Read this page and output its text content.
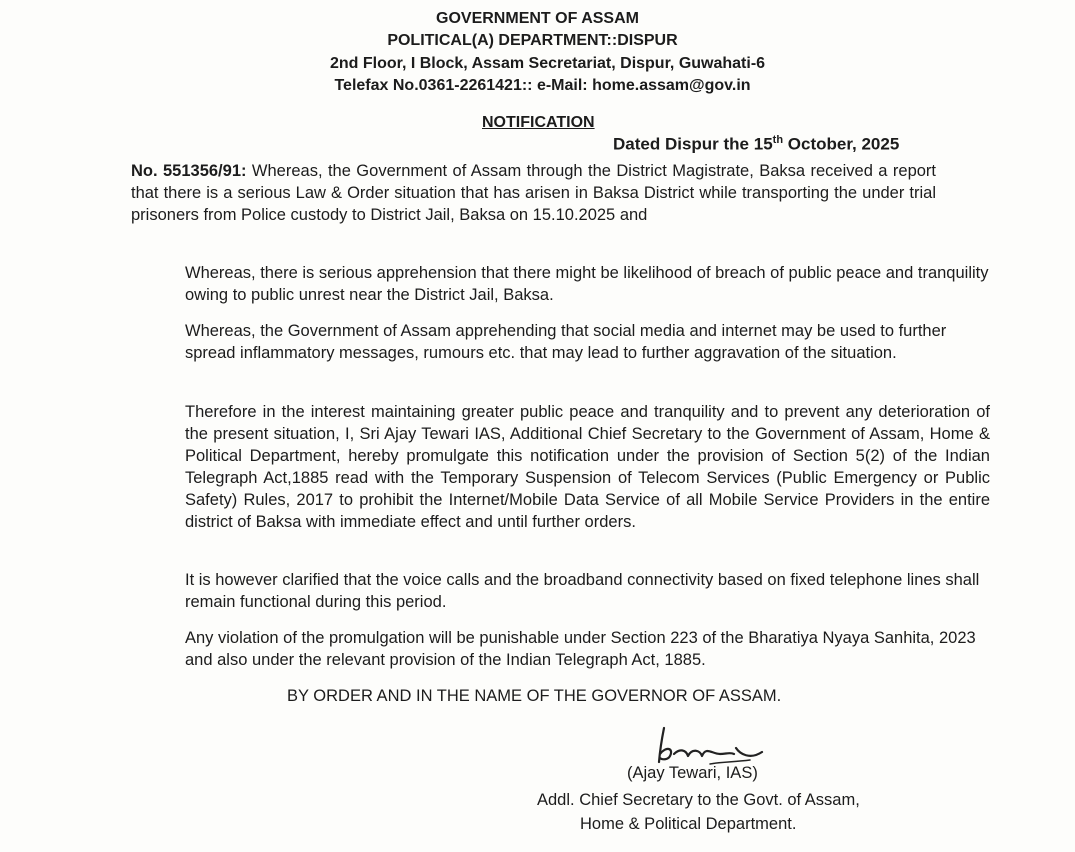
GOVERNMENT OF ASSAM
POLITICAL(A) DEPARTMENT::DISPUR
2nd Floor, I Block, Assam Secretariat, Dispur, Guwahati-6
Telefax No.0361-2261421:: e-Mail: home.assam@gov.in
NOTIFICATION
Dated Dispur the 15th October, 2025
No. 551356/91: Whereas, the Government of Assam through the District Magistrate, Baksa received a report that there is a serious Law & Order situation that has arisen in Baksa District while transporting the under trial prisoners from Police custody to District Jail, Baksa on 15.10.2025 and
Whereas, there is serious apprehension that there might be likelihood of breach of public peace and tranquility owing to public unrest near the District Jail, Baksa.
Whereas, the Government of Assam apprehending that social media and internet may be used to further spread inflammatory messages, rumours etc. that may lead to further aggravation of the situation.
Therefore in the interest maintaining greater public peace and tranquility and to prevent any deterioration of the present situation, I, Sri Ajay Tewari IAS, Additional Chief Secretary to the Government of Assam, Home & Political Department, hereby promulgate this notification under the provision of Section 5(2) of the Indian Telegraph Act,1885 read with the Temporary Suspension of Telecom Services (Public Emergency or Public Safety) Rules, 2017 to prohibit the Internet/Mobile Data Service of all Mobile Service Providers in the entire district of Baksa with immediate effect and until further orders.
It is however clarified that the voice calls and the broadband connectivity based on fixed telephone lines shall remain functional during this period.
Any violation of the promulgation will be punishable under Section 223 of the Bharatiya Nyaya Sanhita, 2023 and also under the relevant provision of the Indian Telegraph Act, 1885.
BY ORDER AND IN THE NAME OF THE GOVERNOR OF ASSAM.
(Ajay Tewari, IAS)
Addl. Chief Secretary to the Govt. of Assam,
Home & Political Department.
